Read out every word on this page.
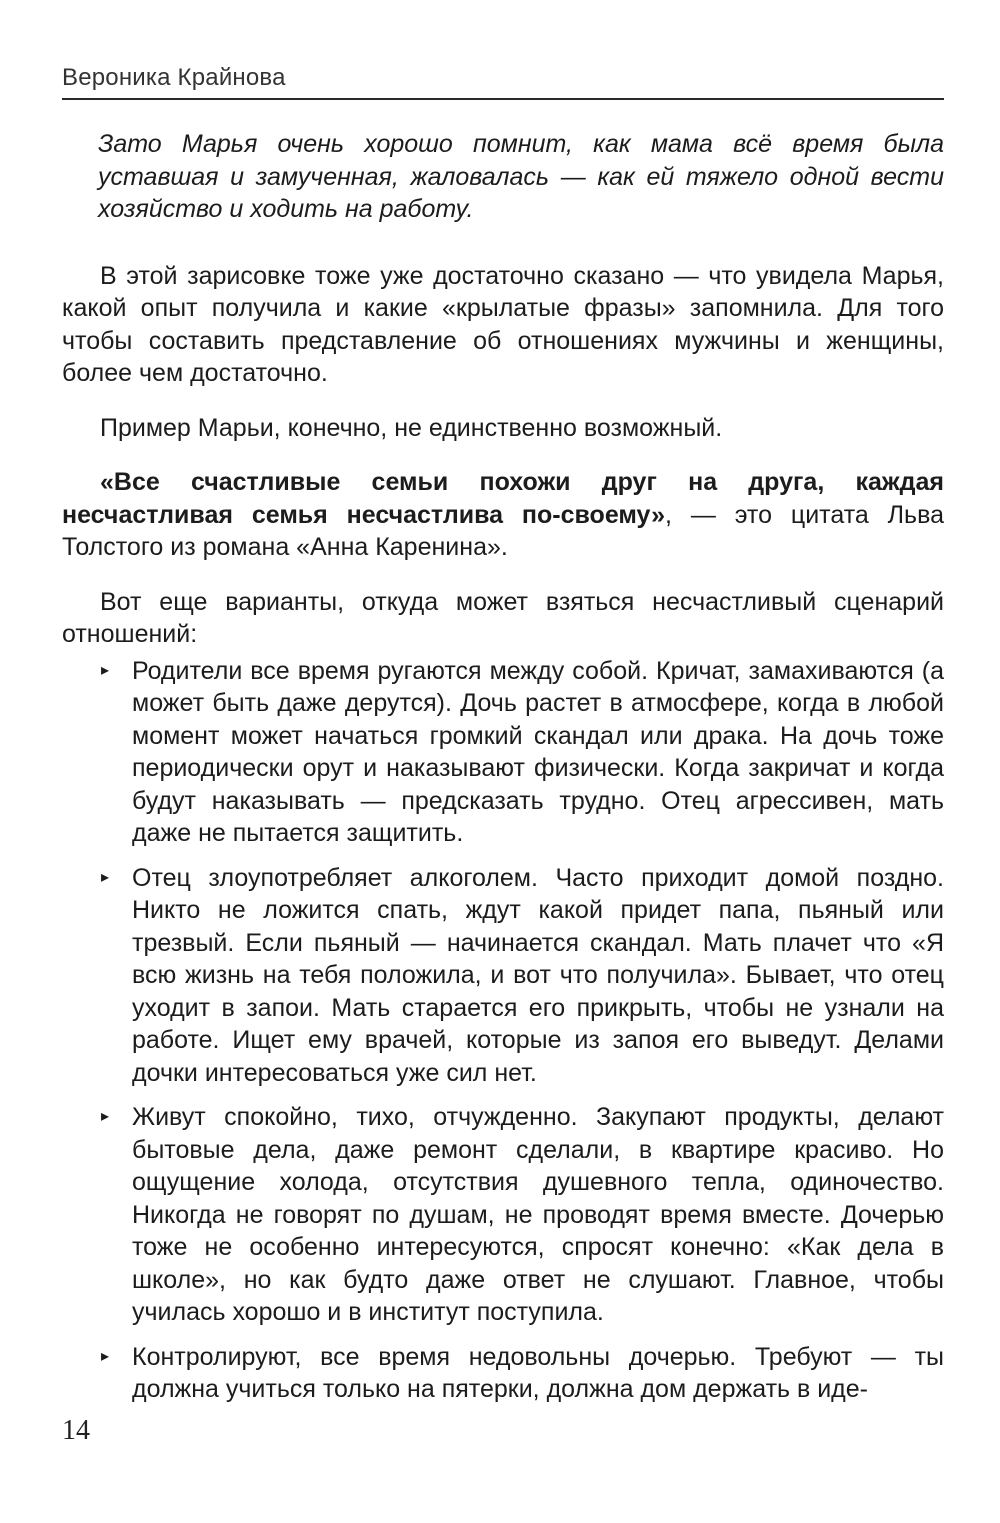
Вероника Крайнова

Зато Марья очень хорошо помнит, как мама всё время была уставшая и замученная, жаловалась — как ей тяжело одной вести хозяйство и ходить на работу.

В этой зарисовке тоже уже достаточно сказано — что увидела Марья, какой опыт получила и какие «крылатые фразы» запомнила. Для того чтобы составить представление об отношениях мужчины и женщины, более чем достаточно.

Пример Марьи, конечно, не единственно возможный.

«Все счастливые семьи похожи друг на друга, каждая несчастливая семья несчастлива по-своему», — это цитата Льва Толстого из романа «Анна Каренина».

Вот еще варианты, откуда может взяться несчастливый сценарий отношений:

▸ Родители все время ругаются между собой. Кричат, замахиваются (а может быть даже дерутся). Дочь растет в атмосфере, когда в любой момент может начаться громкий скандал или драка. На дочь тоже периодически орут и наказывают физически. Когда закричат и когда будут наказывать — предсказать трудно. Отец агрессивен, мать даже не пытается защитить.
▸ Отец злоупотребляет алкоголем. Часто приходит домой поздно. Никто не ложится спать, ждут какой придет папа, пьяный или трезвый. Если пьяный — начинается скандал. Мать плачет что «Я всю жизнь на тебя положила, и вот что получила». Бывает, что отец уходит в запои. Мать старается его прикрыть, чтобы не узнали на работе. Ищет ему врачей, которые из запоя его выведут. Делами дочки интересоваться уже сил нет.
▸ Живут спокойно, тихо, отчужденно. Закупают продукты, делают бытовые дела, даже ремонт сделали, в квартире красиво. Но ощущение холода, отсутствия душевного тепла, одиночество. Никогда не говорят по душам, не проводят время вместе. Дочерью тоже не особенно интересуются, спросят конечно: «Как дела в школе», но как будто даже ответ не слушают. Главное, чтобы училась хорошо и в институт поступила.
▸ Контролируют, все время недовольны дочерью. Требуют — ты должна учиться только на пятерки, должна дом держать в иде-
14
